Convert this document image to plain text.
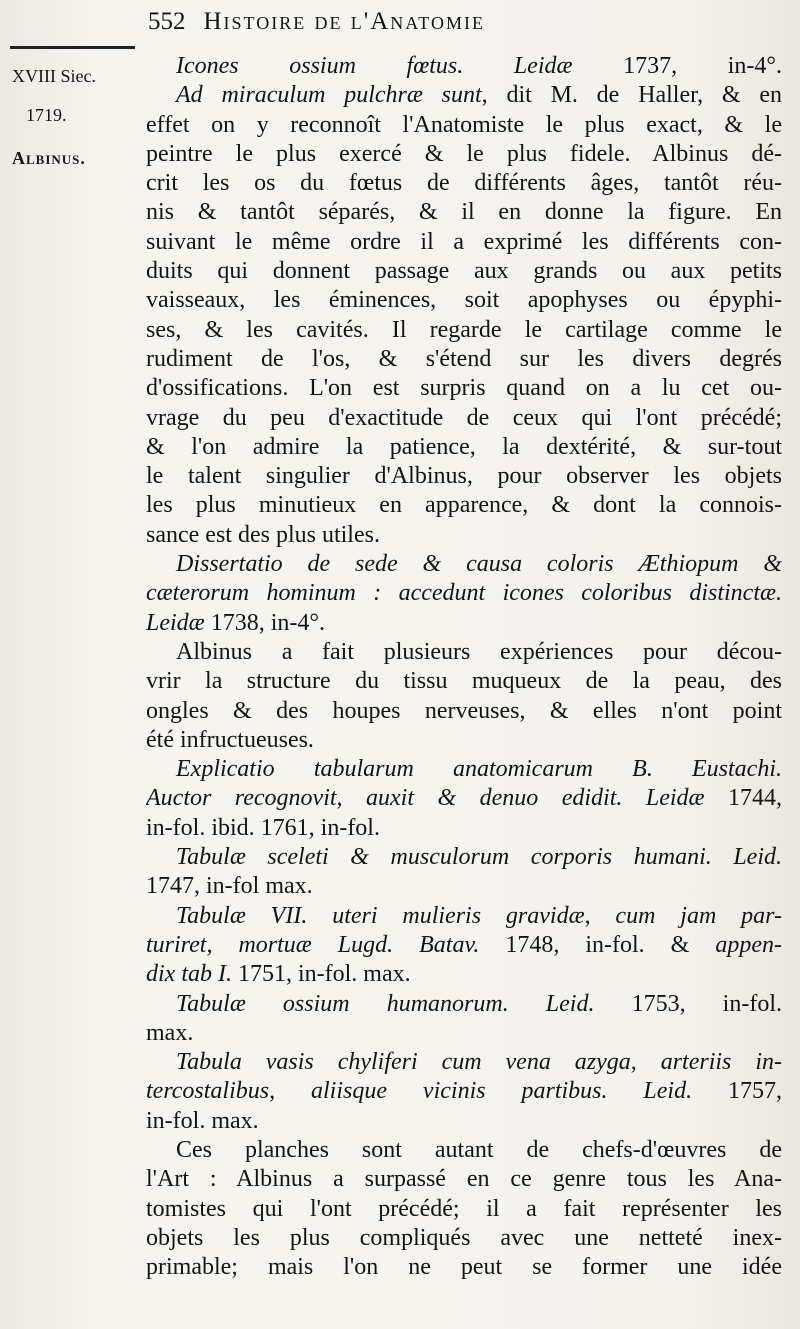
552 Histoire de l'Anatomie
XVIII Siec.
1719.
Albinus.
Icones ossium fœtus. Leidæ 1737, in-4°.
Ad miraculum pulchræ sunt, dit M. de Haller, & en
effet on y reconnoît l'Anatomiste le plus exact, & le
peintre le plus exercé & le plus fidele. Albinus dé-
crit les os du fœtus de différents âges, tantôt réu-
nis & tantôt séparés, & il en donne la figure. En
suivant le même ordre il a exprimé les différents con-
duits qui donnent passage aux grands ou aux petits
vaisseaux, les éminences, soit apophyses ou épyphi-
ses, & les cavités. Il regarde le cartilage comme le
rudiment de l'os, & s'étend sur les divers degrés
d'ossifications. L'on est surpris quand on a lu cet ou-
vrage du peu d'exactitude de ceux qui l'ont précédé;
& l'on admire la patience, la dextérité, & sur-tout
le talent singulier d'Albinus, pour observer les objets
les plus minutieux en apparence, & dont la connois-
sance est des plus utiles.
Dissertatio de sede & causa coloris Æthiopum &
cæterorum hominum : accedunt icones coloribus distinctæ.
Leidæ 1738, in-4°.
Albinus a fait plusieurs expériences pour décou-
vrir la structure du tissu muqueux de la peau, des
ongles & des houpes nerveuses, & elles n'ont point
été infructueuses.
Explicatio tabularum anatomicarum B. Eustachi.
Auctor recognovit, auxit & denuo edidit. Leidæ 1744,
in-fol. ibid. 1761, in-fol.
Tabulæ sceleti & musculorum corporis humani. Leid.
1747, in-fol max.
Tabulæ VII. uteri mulieris gravidæ, cum jam par-
turiret, mortuæ Lugd. Batav. 1748, in-fol. & appen-
dix tab I. 1751, in-fol. max.
Tabulæ ossium humanorum. Leid. 1753, in-fol.
max.
Tabula vasis chyliferi cum vena azyga, arteriis in-
tercostalibus, aliisque vicinis partibus. Leid. 1757,
in-fol. max.
Ces planches sont autant de chefs-d'œuvres de
l'Art : Albinus a surpassé en ce genre tous les Ana-
tomistes qui l'ont précédé; il a fait représenter les
objets les plus compliqués avec une netteté inex-
primable; mais l'on ne peut se former une idée
